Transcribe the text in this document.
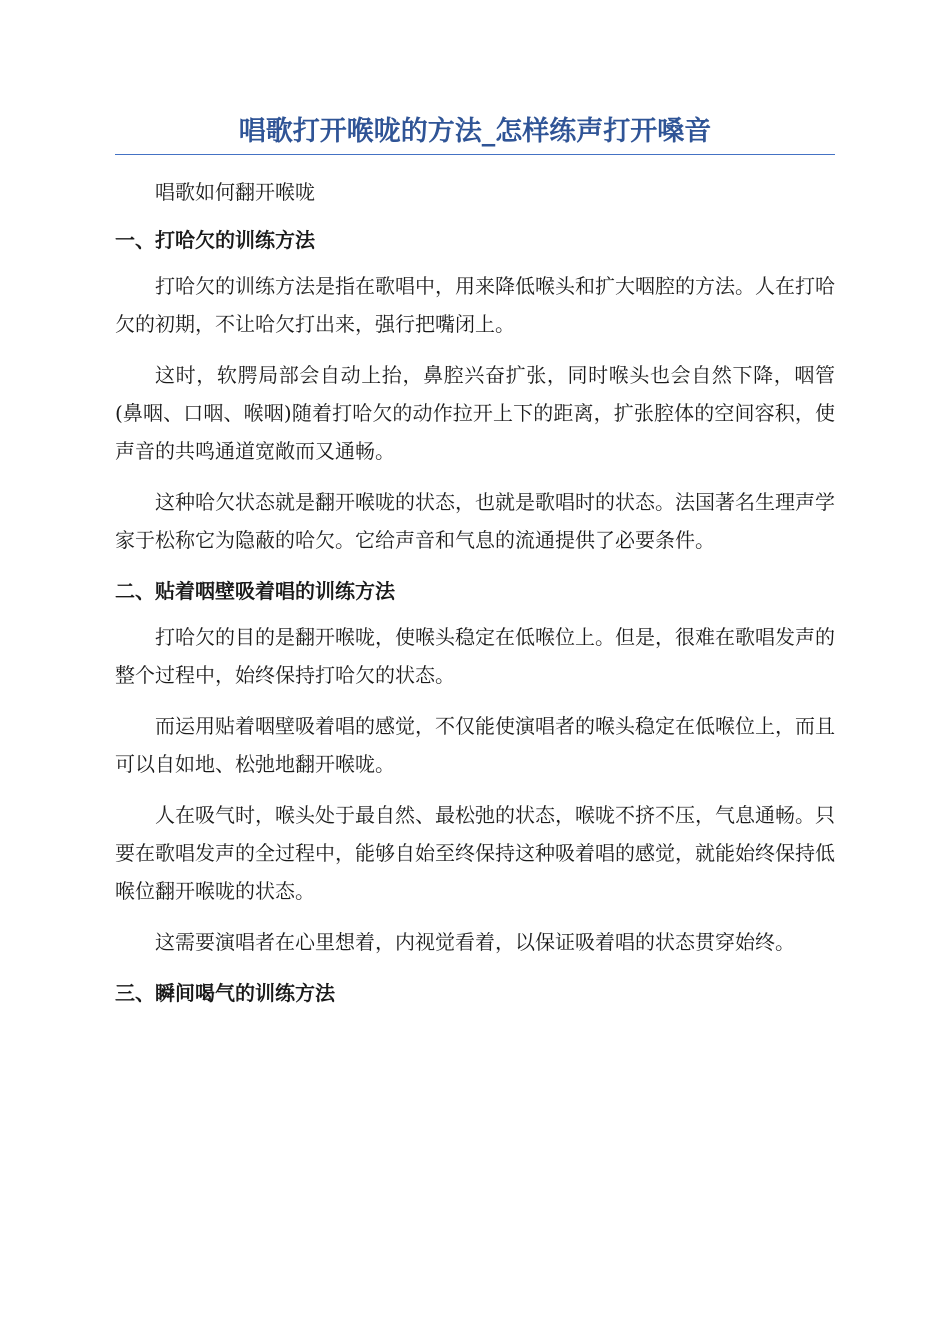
唱歌打开喉咙的方法_怎样练声打开嗓音

唱歌如何翻开喉咙

一、打哈欠的训练方法

打哈欠的训练方法是指在歌唱中，用来降低喉头和扩大咽腔的方法。人在打哈欠的初期，不让哈欠打出来，强行把嘴闭上。

这时，软腭局部会自动上抬，鼻腔兴奋扩张，同时喉头也会自然下降，咽管(鼻咽、口咽、喉咽)随着打哈欠的动作拉开上下的距离，扩张腔体的空间容积，使声音的共鸣通道宽敞而又通畅。

这种哈欠状态就是翻开喉咙的状态，也就是歌唱时的状态。法国著名生理声学家于松称它为隐蔽的哈欠。它给声音和气息的流通提供了必要条件。

二、贴着咽壁吸着唱的训练方法

打哈欠的目的是翻开喉咙，使喉头稳定在低喉位上。但是，很难在歌唱发声的整个过程中，始终保持打哈欠的状态。

而运用贴着咽壁吸着唱的感觉，不仅能使演唱者的喉头稳定在低喉位上，而且可以自如地、松弛地翻开喉咙。

人在吸气时，喉头处于最自然、最松弛的状态，喉咙不挤不压，气息通畅。只要在歌唱发声的全过程中，能够自始至终保持这种吸着唱的感觉，就能始终保持低喉位翻开喉咙的状态。

这需要演唱者在心里想着，内视觉看着，以保证吸着唱的状态贯穿始终。

三、瞬间喝气的训练方法
